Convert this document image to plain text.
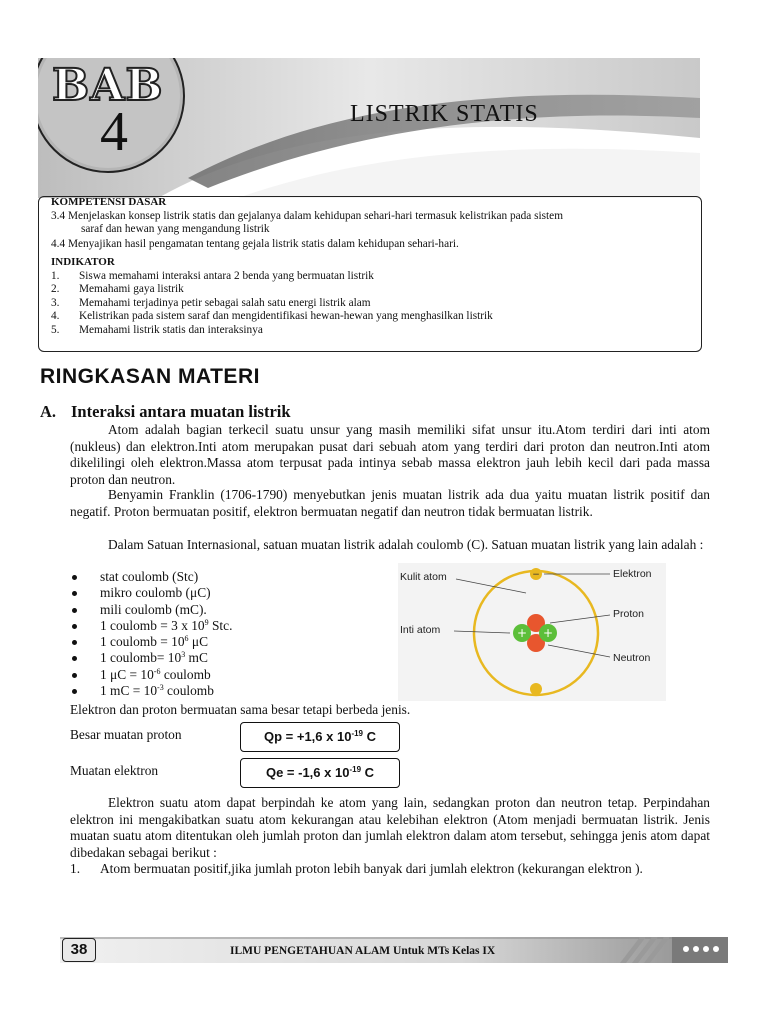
BAB
4	LISTRIK STATIS
KOMPETENSI DASAR
3.4 Menjelaskan konsep listrik statis dan gejalanya dalam kehidupan sehari-hari termasuk kelistrikan pada sistem
saraf dan hewan yang mengandung listrik
4.4 Menyajikan hasil pengamatan tentang gejala listrik statis dalam kehidupan sehari-hari.
INDIKATOR
1.	Siswa memahami interaksi antara 2 benda yang bermuatan listrik
2.	Memahami gaya listrik
3.	Memahami terjadinya petir sebagai salah satu energi listrik alam
4.	Kelistrikan pada sistem saraf dan mengidentifikasi hewan-hewan yang menghasilkan listrik
5.	Memahami listrik statis dan interaksinya
RINGKASAN MATERI
A. Interaksi antara muatan listrik
Atom adalah bagian terkecil suatu unsur yang masih memiliki sifat unsur itu.Atom terdiri dari inti atom (nukleus) dan elektron.Inti atom merupakan pusat dari sebuah atom yang terdiri dari proton dan neutron.Inti atom dikelilingi oleh elektron.Massa atom terpusat pada intinya sebab massa elektron jauh lebih kecil dari pada massa proton dan neutron.
Benyamin Franklin (1706-1790) menyebutkan jenis muatan listrik ada dua yaitu muatan listrik positif dan negatif. Proton bermuatan positif, elektron bermuatan negatif dan neutron tidak bermuatan listrik.
Dalam Satuan Internasional, satuan muatan listrik adalah coulomb (C). Satuan muatan listrik yang lain adalah :
stat coulomb (Stc)
mikro coulomb (μC)
mili coulomb (mC).
1 coulomb = 3 x $10^9$ Stc.
1 coulomb = $10^6$ μC
1 coulomb= $10^3$ mC
1 $\mu C = 10^{-6}$ coulomb
1 mC = $10^{-3}$ coulomb
+ +
−
Kulit atom
Inti atom
Elektron
Proton
Neutron
Elektron dan proton bermuatan sama besar tetapi berbeda jenis.
Besar muatan proton	Qp = +1,6 x $10^{-19}$ C
Muatan elektron	Qe = -1,6 x $10^{-19}$ C
Elektron suatu atom dapat berpindah ke atom yang lain, sedangkan proton dan neutron tetap. Perpindahan elektron ini mengakibatkan suatu atom kekurangan atau kelebihan elektron (Atom menjadi bermuatan listrik. Jenis muatan suatu atom ditentukan oleh jumlah proton dan jumlah elektron dalam atom tersebut, sehingga jenis atom dapat dibedakan sebagai berikut :
1.	Atom bermuatan positif,jika jumlah proton lebih banyak dari jumlah elektron (kekurangan elektron ).
38	ILMU PENGETAHUAN ALAM Untuk MTs Kelas IX
